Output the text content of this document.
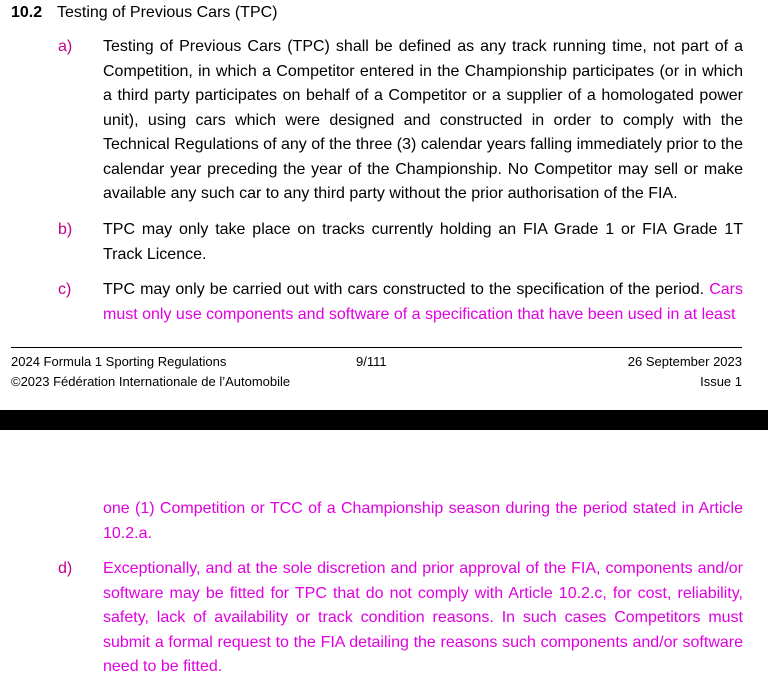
10.2 Testing of Previous Cars (TPC)
a) Testing of Previous Cars (TPC) shall be defined as any track running time, not part of a Competition, in which a Competitor entered in the Championship participates (or in which a third party participates on behalf of a Competitor or a supplier of a homologated power unit), using cars which were designed and constructed in order to comply with the Technical Regulations of any of the three (3) calendar years falling immediately prior to the calendar year preceding the year of the Championship. No Competitor may sell or make available any such car to any third party without the prior authorisation of the FIA.
b) TPC may only take place on tracks currently holding an FIA Grade 1 or FIA Grade 1T Track Licence.
c) TPC may only be carried out with cars constructed to the specification of the period. Cars must only use components and software of a specification that have been used in at least
2024 Formula 1 Sporting Regulations
©2023 Fédération Internationale de l’Automobile
9/111	26 September 2023
Issue 1
one (1) Competition or TCC of a Championship season during the period stated in Article 10.2.a.
d) Exceptionally, and at the sole discretion and prior approval of the FIA, components and/or software may be fitted for TPC that do not comply with Article 10.2.c, for cost, reliability, safety, lack of availability or track condition reasons. In such cases Competitors must submit a formal request to the FIA detailing the reasons such components and/or software need to be fitted.
